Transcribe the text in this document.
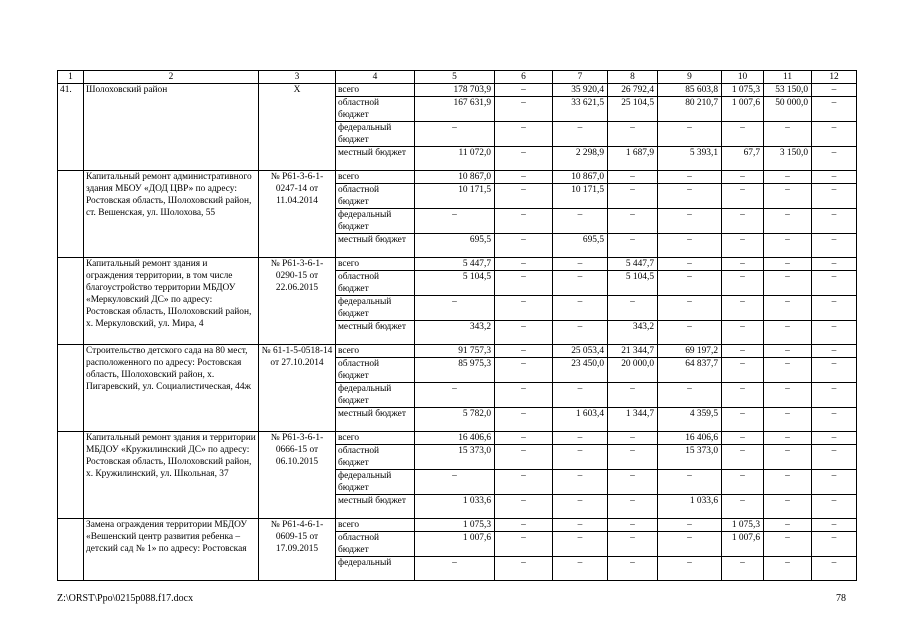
1	2	3	4	5	6	7	8	9	10	11	12
41.	Шолоховский район	Х	всего	178 703,9	–	35 920,4	26 792,4	85 603,8	1 075,3	53 150,0	–
			областной бюджет	167 631,9	–	33 621,5	25 104,5	80 210,7	1 007,6	50 000,0	–
			федеральный бюджет	–	–	–	–	–	–	–	–
			местный бюджет	11 072,0	–	2 298,9	1 687,9	5 393,1	67,7	3 150,0	–
	Капитальный ремонт административного здания МБОУ «ДОД ЦВР» по адресу: Ростовская область, Шолоховский район, ст. Вешенская, ул. Шолохова, 55	№ Р61-3-6-1-0247-14 от 11.04.2014	всего	10 867,0	–	10 867,0	–	–	–	–	–
			областной бюджет	10 171,5	–	10 171,5	–	–	–	–	–
			федеральный бюджет	–	–	–	–	–	–	–	–
			местный бюджет	695,5	–	695,5	–	–	–	–	–
	Капитальный ремонт здания и ограждения территории, в том числе благоустройство территории МБДОУ «Меркуловский ДС» по адресу: Ростовская область, Шолоховский район, х. Меркуловский, ул. Мира, 4	№ Р61-3-6-1-0290-15 от 22.06.2015	всего	5 447,7	–	–	5 447,7	–	–	–	–
			областной бюджет	5 104,5	–	–	5 104,5	–	–	–	–
			федеральный бюджет	–	–	–	–	–	–	–	–
			местный бюджет	343,2	–	–	343,2	–	–	–	–
	Строительство детского сада на 80 мест, расположенного по адресу: Ростовская область, Шолоховский район, х. Пигаревский, ул. Социалистическая, 44ж	№ 61-1-5-0518-14 от 27.10.2014	всего	91 757,3	–	25 053,4	21 344,7	69 197,2	–	–	–
			областной бюджет	85 975,3	–	23 450,0	20 000,0	64 837,7	–	–	–
			федеральный бюджет	–	–	–	–	–	–	–	–
			местный бюджет	5 782,0	–	1 603,4	1 344,7	4 359,5	–	–	–
	Капитальный ремонт здания и территории МБДОУ «Кружилинский ДС» по адресу: Ростовская область, Шолоховский район, х. Кружилинский, ул. Школьная, 37	№ Р61-3-6-1-0666-15 от 06.10.2015	всего	16 406,6	–	–	–	16 406,6	–	–	–
			областной бюджет	15 373,0	–	–	–	15 373,0	–	–	–
			федеральный бюджет	–	–	–	–	–	–	–	–
			местный бюджет	1 033,6	–	–	–	1 033,6	–	–	–
	Замена ограждения территории МБДОУ «Вешенский центр развития ребенка – детский сад № 1» по адресу: Ростовская	№ Р61-4-6-1-0609-15 от 17.09.2015	всего	1 075,3	–	–	–	–	1 075,3	–	–
			областной бюджет	1 007,6	–	–	–	–	1 007,6	–	–
			федеральный	–	–	–	–	–	–	–	–
Z:\ORST\Ppo\0215p088.f17.docx	78
